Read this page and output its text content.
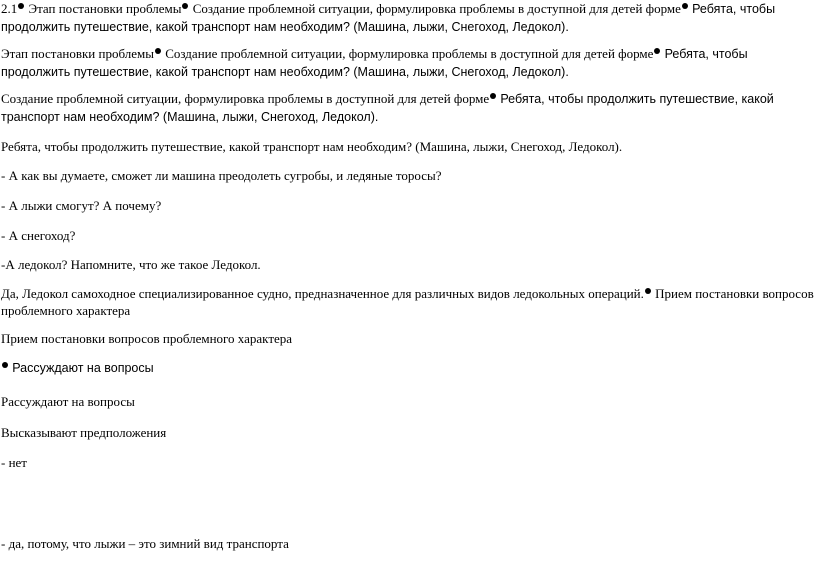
2.1 Этап постановки проблемы Создание проблемной ситуации, формулировка проблемы в доступной для детей форме Ребята, чтобы продолжить путешествие, какой транспорт нам необходим? (Машина, лыжи, Снегоход, Ледокол).
Этап постановки проблемы Создание проблемной ситуации, формулировка проблемы в доступной для детей форме Ребята, чтобы продолжить путешествие, какой транспорт нам необходим? (Машина, лыжи, Снегоход, Ледокол).
Создание проблемной ситуации, формулировка проблемы в доступной для детей форме Ребята, чтобы продолжить путешествие, какой транспорт нам необходим? (Машина, лыжи, Снегоход, Ледокол).
Ребята, чтобы продолжить путешествие, какой транспорт нам необходим? (Машина, лыжи, Снегоход, Ледокол).
- А как вы думаете, сможет ли машина преодолеть сугробы, и ледяные торосы?
- А лыжи смогут? А почему?
- А снегоход?
-А ледокол? Напомните, что же такое Ледокол.
Да, Ледокол самоходное специализированное судно, предназначенное для различных видов ледокольных операций. Прием постановки вопросов проблемного характера
Прием постановки вопросов проблемного характера
Рассуждают на вопросы
Рассуждают на вопросы
Высказывают предположения
- нет
- да, потому, что лыжи – это зимний вид транспорта
